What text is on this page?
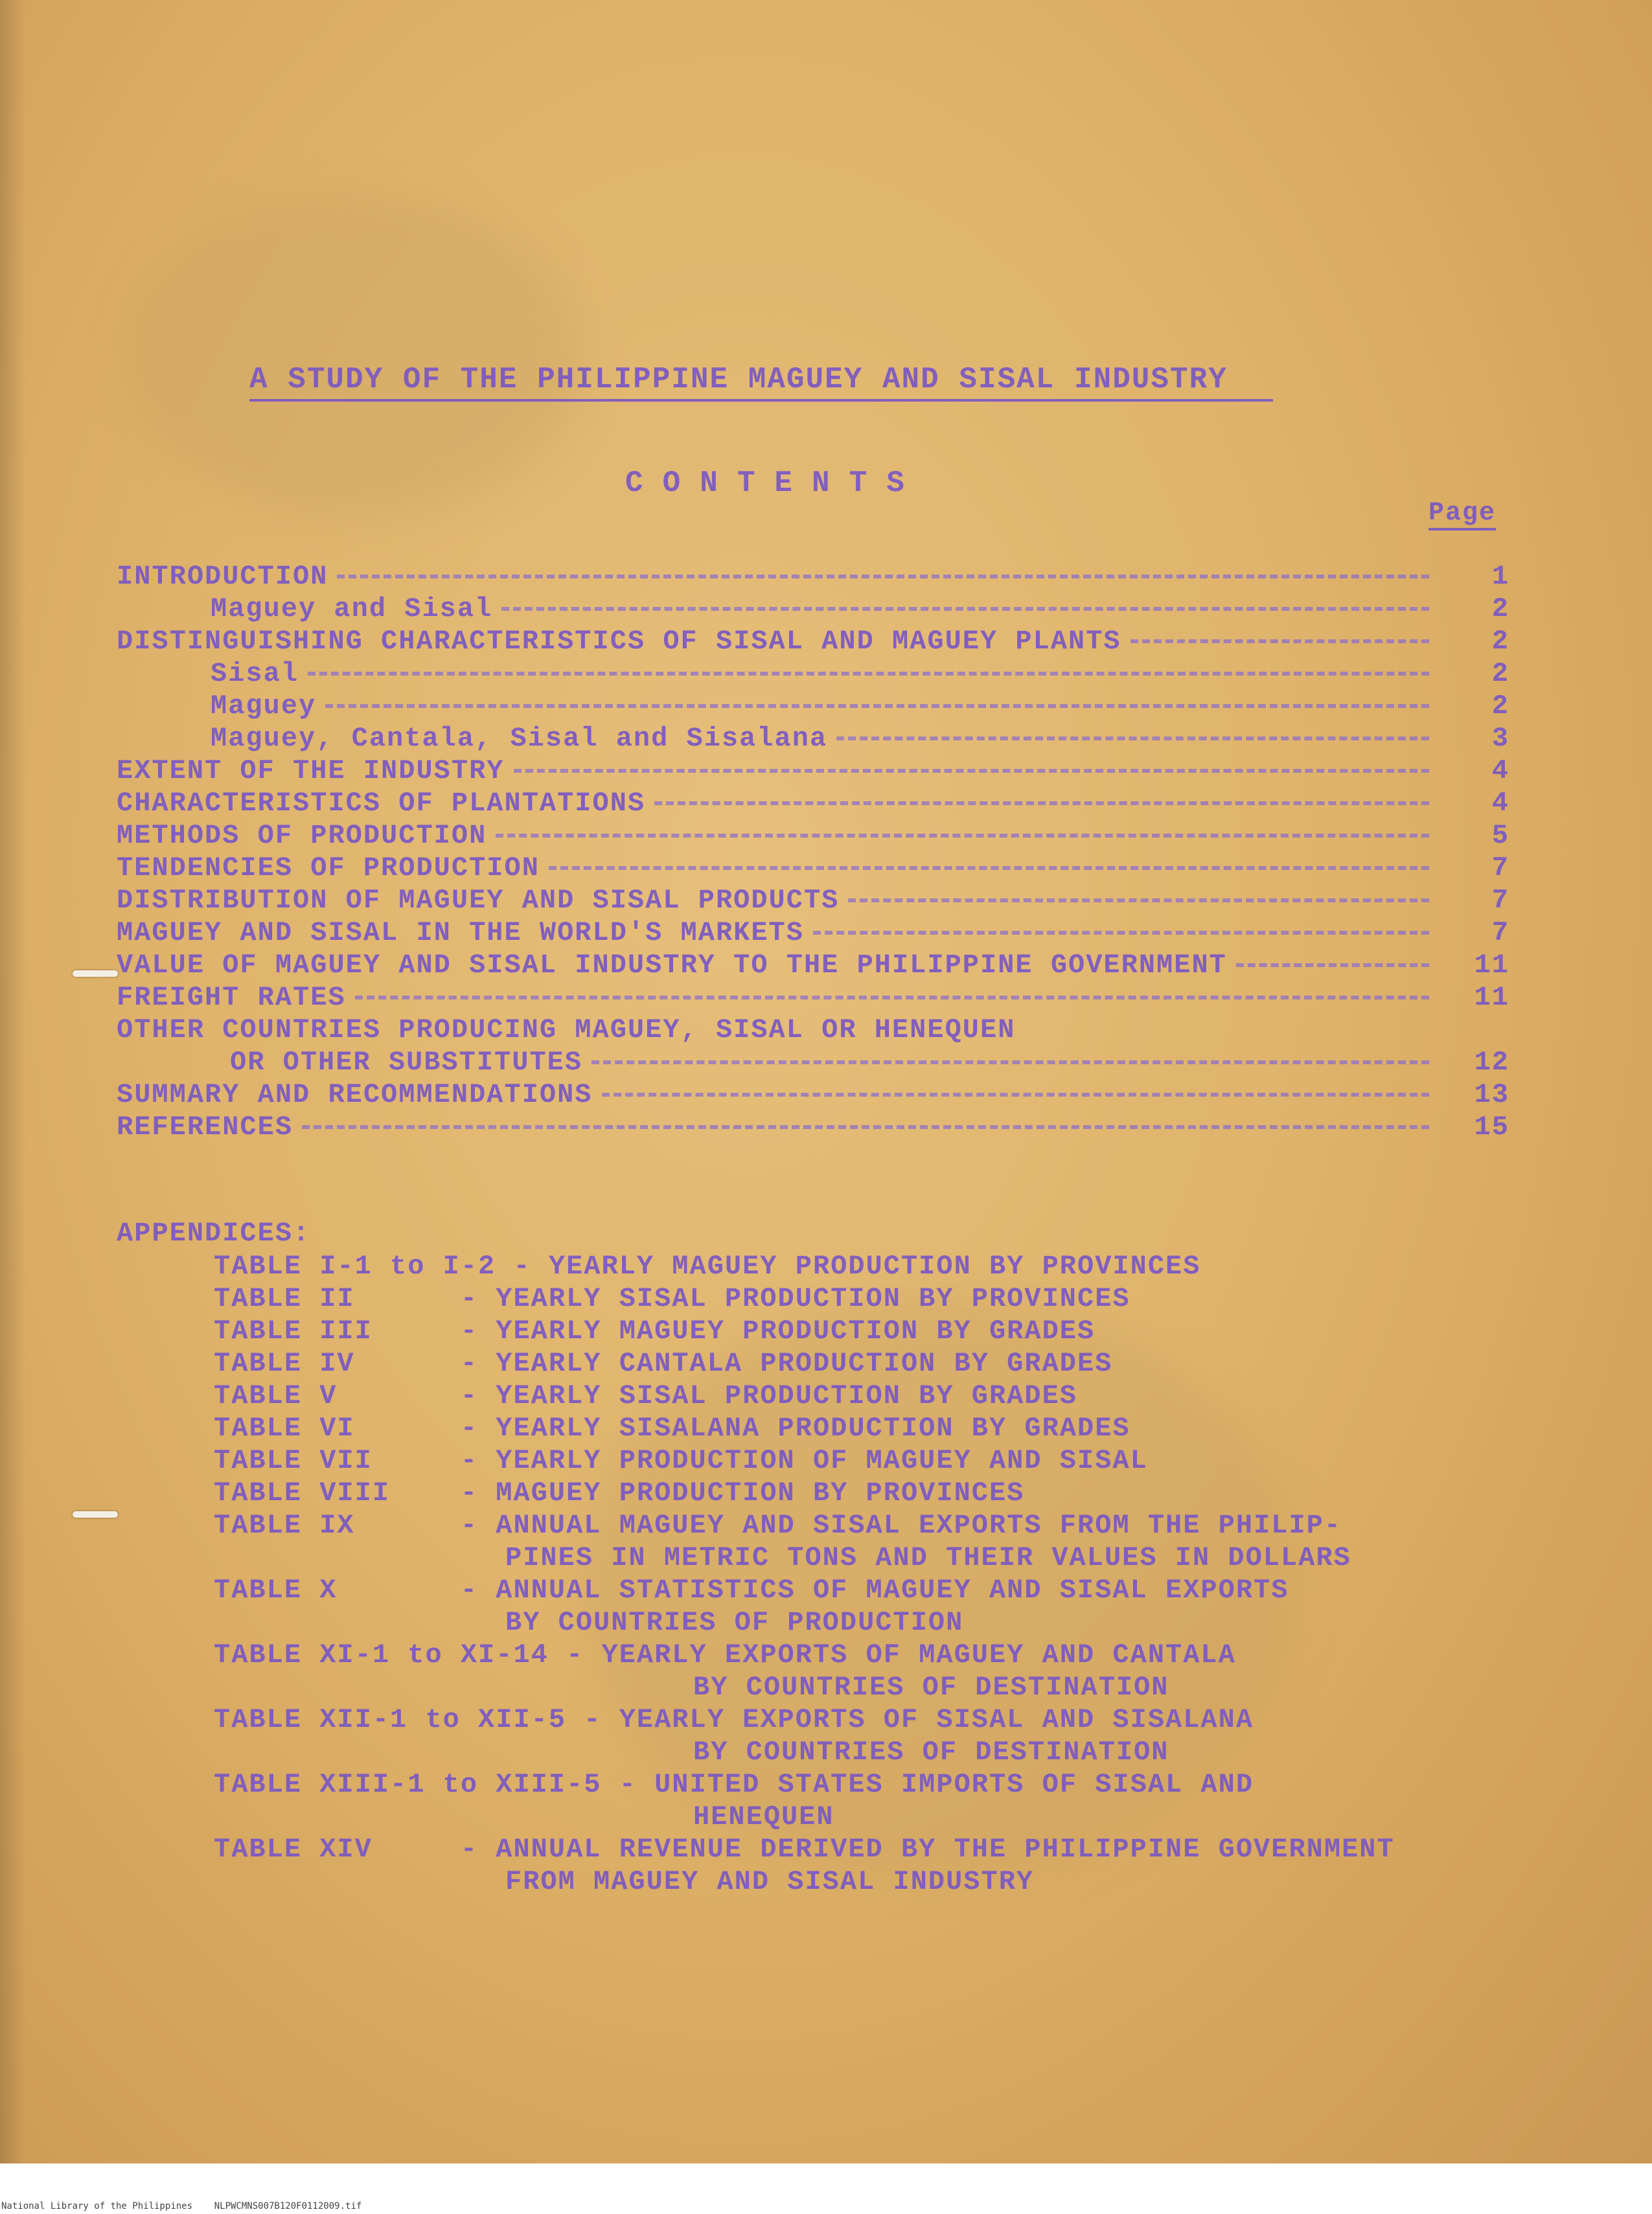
A STUDY OF THE PHILIPPINE MAGUEY AND SISAL INDUSTRY
CONTENTS
Page
INTRODUCTION	1
Maguey and Sisal	2
DISTINGUISHING CHARACTERISTICS OF SISAL AND MAGUEY PLANTS	2
Sisal	2
Maguey	2
Maguey, Cantala, Sisal and Sisalana	3
EXTENT OF THE INDUSTRY	4
CHARACTERISTICS OF PLANTATIONS	4
METHODS OF PRODUCTION	5
TENDENCIES OF PRODUCTION	7
DISTRIBUTION OF MAGUEY AND SISAL PRODUCTS	7
MAGUEY AND SISAL IN THE WORLD'S MARKETS	7
VALUE OF MAGUEY AND SISAL INDUSTRY TO THE PHILIPPINE GOVERNMENT	11
FREIGHT RATES	11
OTHER COUNTRIES PRODUCING MAGUEY, SISAL OR HENEQUEN
OR OTHER SUBSTITUTES	12
SUMMARY AND RECOMMENDATIONS	13
REFERENCES	15
APPENDICES:
TABLE I-1 to I-2 - YEARLY MAGUEY PRODUCTION BY PROVINCES
TABLE II      - YEARLY SISAL PRODUCTION BY PROVINCES
TABLE III     - YEARLY MAGUEY PRODUCTION BY GRADES
TABLE IV      - YEARLY CANTALA PRODUCTION BY GRADES
TABLE V       - YEARLY SISAL PRODUCTION BY GRADES
TABLE VI      - YEARLY SISALANA PRODUCTION BY GRADES
TABLE VII     - YEARLY PRODUCTION OF MAGUEY AND SISAL
TABLE VIII    - MAGUEY PRODUCTION BY PROVINCES
TABLE IX      - ANNUAL MAGUEY AND SISAL EXPORTS FROM THE PHILIP-
PINES IN METRIC TONS AND THEIR VALUES IN DOLLARS
TABLE X       - ANNUAL STATISTICS OF MAGUEY AND SISAL EXPORTS
BY COUNTRIES OF PRODUCTION
TABLE XI-1 to XI-14 - YEARLY EXPORTS OF MAGUEY AND CANTALA
BY COUNTRIES OF DESTINATION
TABLE XII-1 to XII-5 - YEARLY EXPORTS OF SISAL AND SISALANA
BY COUNTRIES OF DESTINATION
TABLE XIII-1 to XIII-5 - UNITED STATES IMPORTS OF SISAL AND
HENEQUEN
TABLE XIV     - ANNUAL REVENUE DERIVED BY THE PHILIPPINE GOVERNMENT
FROM MAGUEY AND SISAL INDUSTRY
National Library of the Philippines    NLPWCMNS007B120F0112009.tif
